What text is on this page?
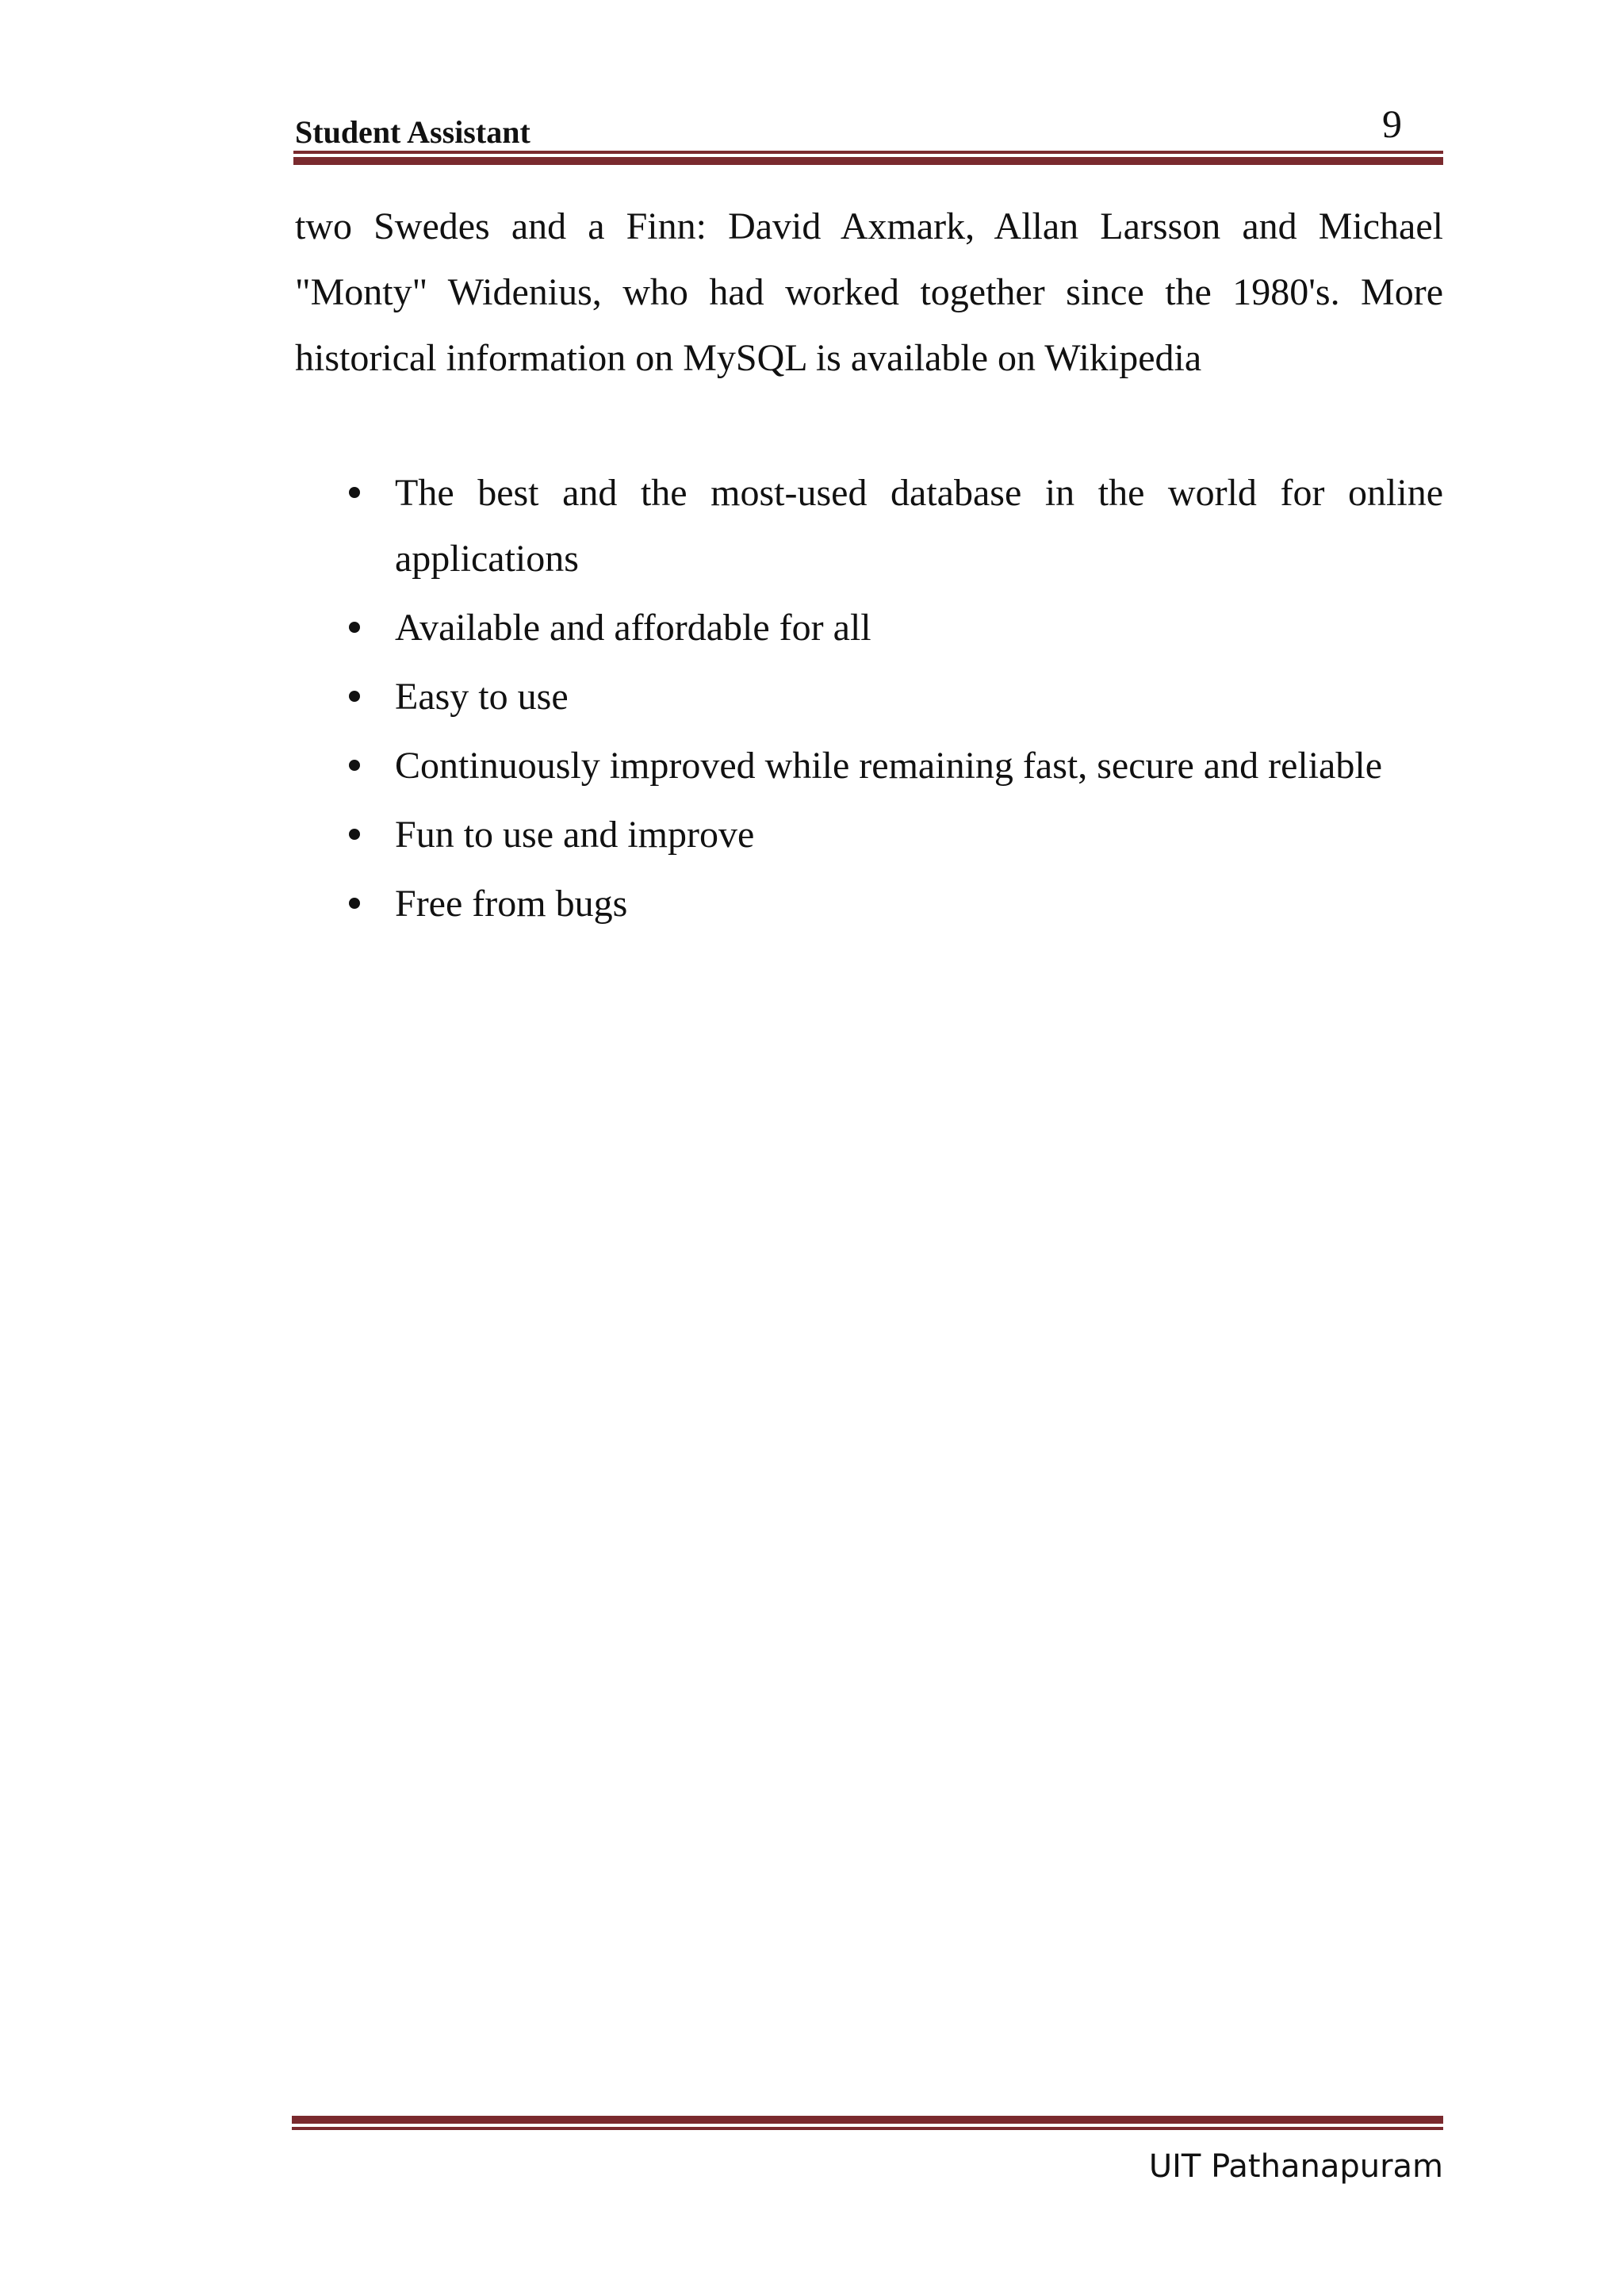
Student Assistant	9

two Swedes and a Finn: David Axmark, Allan Larsson and Michael "Monty" Widenius, who had worked together since the 1980's. More historical information on MySQL is available on Wikipedia

The best and the most-used database in the world for online applications
Available and affordable for all
Easy to use
Continuously improved while remaining fast, secure and reliable
Fun to use and improve
Free from bugs
UIT Pathanapuram
